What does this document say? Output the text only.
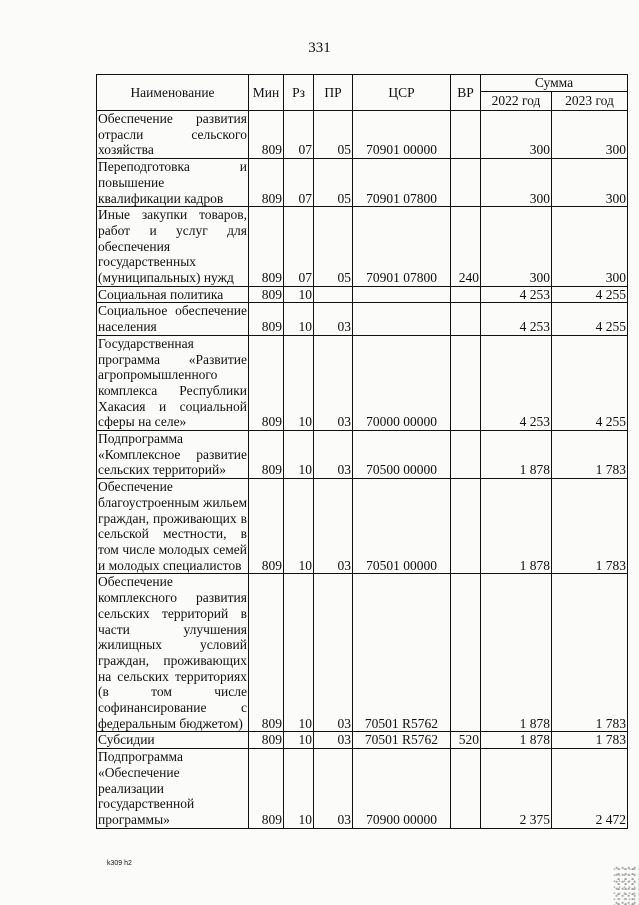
331
Наименование	Мин	Рз	ПР	ЦСР	ВР	Сумма	
						2022 год	2023 год
Обеспечение развития отрасли сельского хозяйства	809	07	05	70901 00000		300	300
Переподготовка и повышение квалификации кадров	809	07	05	70901 07800		300	300
Иные закупки товаров, работ и услуг для обеспечения государственных (муниципальных) нужд	809	07	05	70901 07800	240	300	300
Социальная политика	809	10				4 253	4 255
Социальное обеспечение населения	809	10	03			4 253	4 255
Государственная программа «Развитие агропромышленного комплекса Республики Хакасия и социальной сферы на селе»	809	10	03	70000 00000		4 253	4 255
Подпрограмма «Комплексное развитие сельских территорий»	809	10	03	70500 00000		1 878	1 783
Обеспечение благоустроенным жильем граждан, проживающих в сельской местности, в том числе молодых семей и молодых специалистов	809	10	03	70501 00000		1 878	1 783
Обеспечение комплексного развития сельских территорий в части улучшения жилищных условий граждан, проживающих на сельских территориях (в том числе софинансирование с федеральным бюджетом)	809	10	03	70501 R5762		1 878	1 783
Субсидии	809	10	03	70501 R5762	520	1 878	1 783
Подпрограмма «Обеспечение реализации государственной программы»	809	10	03	70900 00000		2 375	2 472
k309 h2
